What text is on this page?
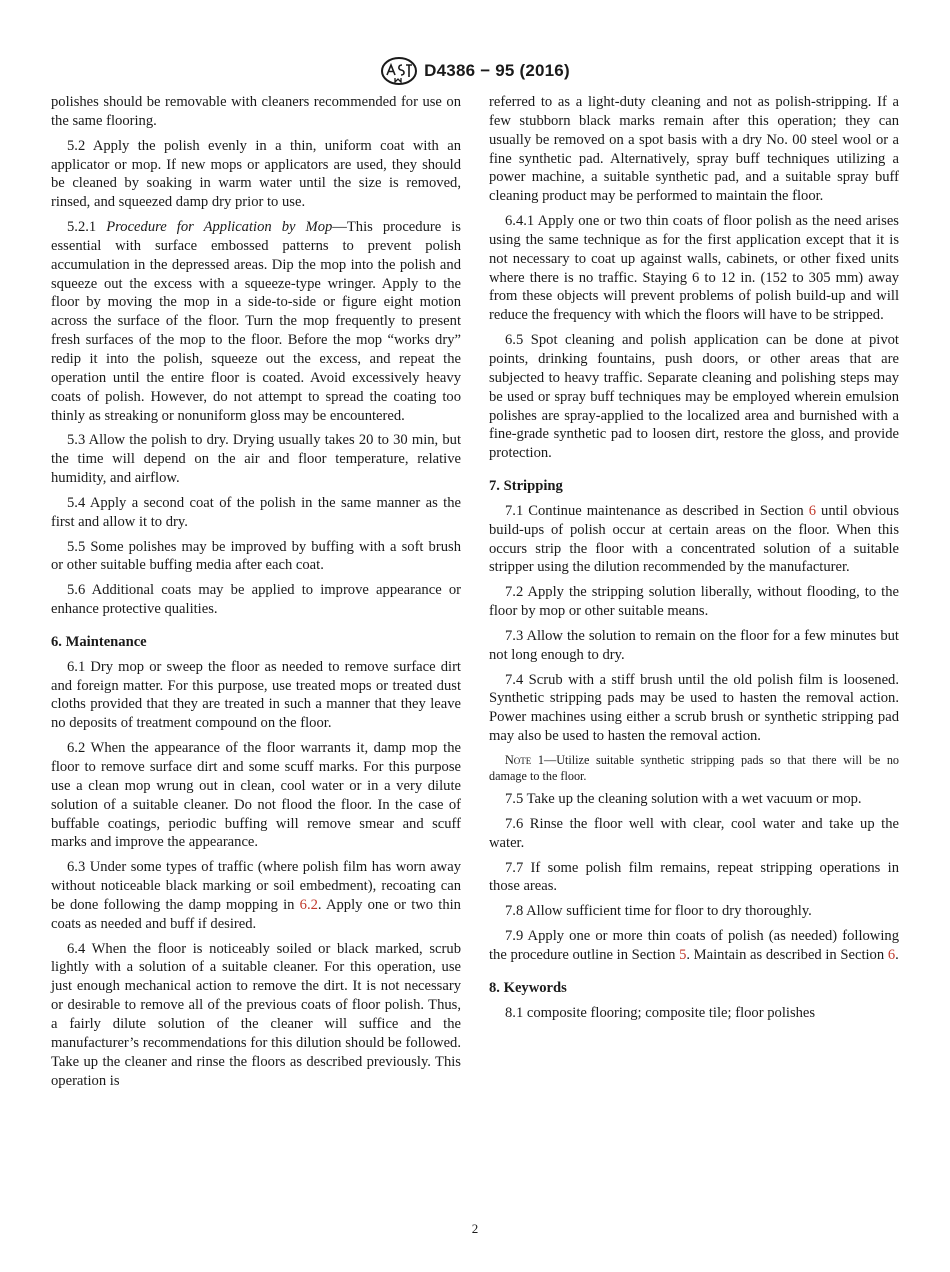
D4386 − 95 (2016)

polishes should be removable with cleaners recommended for use on the same flooring.

5.2 Apply the polish evenly in a thin, uniform coat with an applicator or mop. If new mops or applicators are used, they should be cleaned by soaking in warm water until the size is removed, rinsed, and squeezed damp dry prior to use.

5.2.1 Procedure for Application by Mop—This procedure is essential with surface embossed patterns to prevent polish accumulation in the depressed areas. Dip the mop into the polish and squeeze out the excess with a squeeze-type wringer. Apply to the floor by moving the mop in a side-to-side or figure eight motion across the surface of the floor. Turn the mop frequently to present fresh surfaces of the mop to the floor. Before the mop “works dry” redip it into the polish, squeeze out the excess, and repeat the operation until the entire floor is coated. Avoid excessively heavy coats of polish. However, do not attempt to spread the coating too thinly as streaking or nonuniform gloss may be encountered.

5.3 Allow the polish to dry. Drying usually takes 20 to 30 min, but the time will depend on the air and floor temperature, relative humidity, and airflow.

5.4 Apply a second coat of the polish in the same manner as the first and allow it to dry.

5.5 Some polishes may be improved by buffing with a soft brush or other suitable buffing media after each coat.

5.6 Additional coats may be applied to improve appearance or enhance protective qualities.

6. Maintenance

6.1 Dry mop or sweep the floor as needed to remove surface dirt and foreign matter. For this purpose, use treated mops or treated dust cloths provided that they are treated in such a manner that they leave no deposits of treatment compound on the floor.

6.2 When the appearance of the floor warrants it, damp mop the floor to remove surface dirt and some scuff marks. For this purpose use a clean mop wrung out in clean, cool water or in a very dilute solution of a suitable cleaner. Do not flood the floor. In the case of buffable coatings, periodic buffing will remove smear and scuff marks and improve the appearance.

6.3 Under some types of traffic (where polish film has worn away without noticeable black marking or soil embedment), recoating can be done following the damp mopping in 6.2. Apply one or two thin coats as needed and buff if desired.

6.4 When the floor is noticeably soiled or black marked, scrub lightly with a solution of a suitable cleaner. For this operation, use just enough mechanical action to remove the dirt. It is not necessary or desirable to remove all of the previous coats of floor polish. Thus, a fairly dilute solution of the cleaner will suffice and the manufacturer’s recommendations for this dilution should be followed. Take up the cleaner and rinse the floors as described previously. This operation is

referred to as a light-duty cleaning and not as polish-stripping. If a few stubborn black marks remain after this operation; they can usually be removed on a spot basis with a dry No. 00 steel wool or a fine synthetic pad. Alternatively, spray buff techniques utilizing a power machine, a suitable synthetic pad, and a suitable spray buff cleaning product may be performed to maintain the floor.

6.4.1 Apply one or two thin coats of floor polish as the need arises using the same technique as for the first application except that it is not necessary to coat up against walls, cabinets, or other fixed units where there is no traffic. Staying 6 to 12 in. (152 to 305 mm) away from these objects will prevent problems of polish build-up and will reduce the frequency with which the floors will have to be stripped.

6.5 Spot cleaning and polish application can be done at pivot points, drinking fountains, push doors, or other areas that are subjected to heavy traffic. Separate cleaning and polishing steps may be used or spray buff techniques may be employed wherein emulsion polishes are spray-applied to the localized area and burnished with a fine-grade synthetic pad to loosen dirt, restore the gloss, and provide protection.

7. Stripping

7.1 Continue maintenance as described in Section 6 until obvious build-ups of polish occur at certain areas on the floor. When this occurs strip the floor with a concentrated solution of a suitable stripper using the dilution recommended by the manufacturer.

7.2 Apply the stripping solution liberally, without flooding, to the floor by mop or other suitable means.

7.3 Allow the solution to remain on the floor for a few minutes but not long enough to dry.

7.4 Scrub with a stiff brush until the old polish film is loosened. Synthetic stripping pads may be used to hasten the removal action. Power machines using either a scrub brush or synthetic stripping pad may also be used to hasten the removal action.

Note 1—Utilize suitable synthetic stripping pads so that there will be no damage to the floor.

7.5 Take up the cleaning solution with a wet vacuum or mop.

7.6 Rinse the floor well with clear, cool water and take up the water.

7.7 If some polish film remains, repeat stripping operations in those areas.

7.8 Allow sufficient time for floor to dry thoroughly.

7.9 Apply one or more thin coats of polish (as needed) following the procedure outline in Section 5. Maintain as described in Section 6.

8. Keywords

8.1 composite flooring; composite tile; floor polishes

2
